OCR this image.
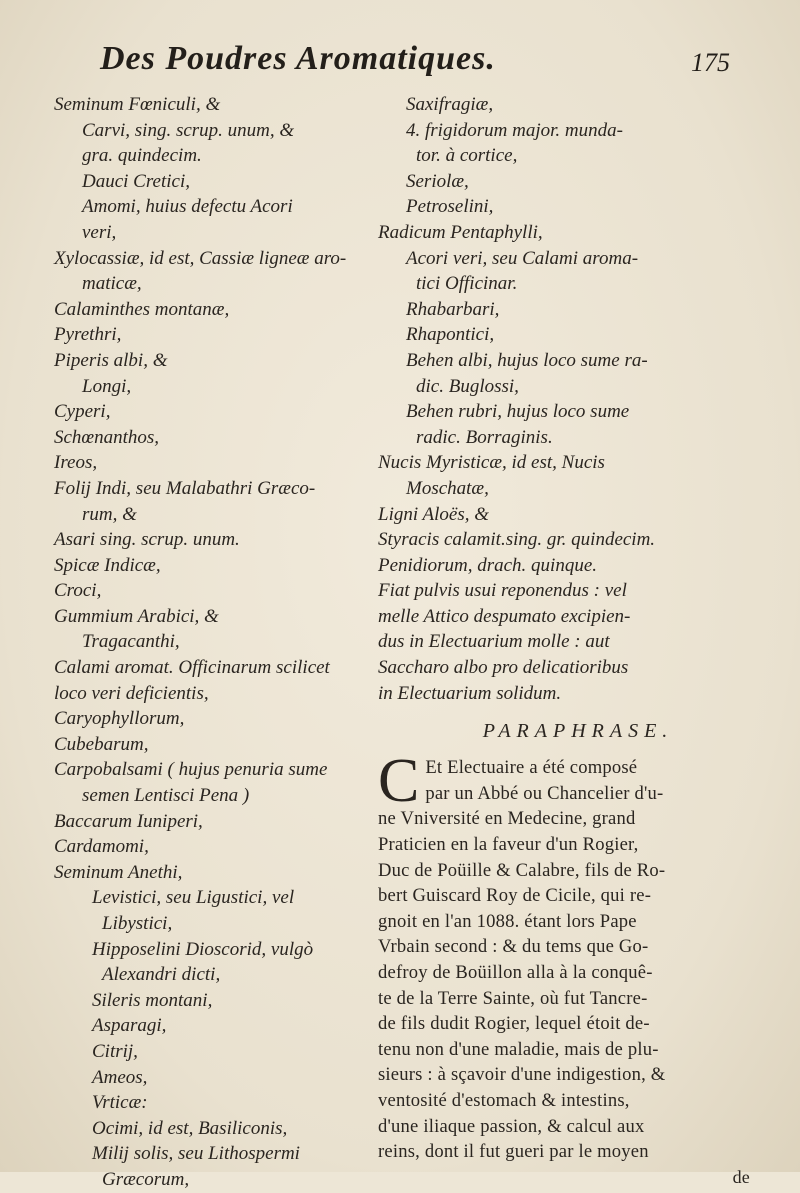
Des Poudres Aromatiques.	175
Seminum Fœniculi, &
Carvi, sing. scrup. unum, &
gra. quindecim.
Dauci Cretici,
Amomi, huius defectu Acori
veri,
Xylocassiæ, id est, Cassiæ ligneæ aro-
maticæ,
Calaminthes montanæ,
Pyrethri,
Piperis albi, &
Longi,
Cyperi,
Schœnanthos,
Ireos,
Folij Indi, seu Malabathri Græco-
rum, &
Asari sing. scrup. unum.
Spicæ Indicæ,
Croci,
Gummium Arabici, &
Tragacanthi,
Calami aromat. Officinarum scilicet
loco veri deficientis,
Caryophyllorum,
Cubebarum,
Carpobalsami ( hujus penuria sume
semen Lentisci Pena )
Baccarum Iuniperi,
Cardamomi,
Seminum Anethi,
Levistici, seu Ligustici, vel
Libystici,
Hipposelini Dioscorid, vulgò
Alexandri dicti,
Sileris montani,
Asparagi,
Citrij,
Ameos,
Vrticæ:
Ocimi, id est, Basiliconis,
Milij solis, seu Lithospermi
Græcorum,
Saxifragiæ,
4. frigidorum major. munda-
tor. à cortice,
Seriolæ,
Petroselini,
Radicum Pentaphylli,
Acori veri, seu Calami aroma-
tici Officinar.
Rhabarbari,
Rhapontici,
Behen albi, hujus loco sume ra-
dic. Buglossi,
Behen rubri, hujus loco sume
radic. Borraginis.
Nucis Myristicæ, id est, Nucis
Moschatæ,
Ligni Aloës, &
Styracis calamit.sing. gr. quindecim.
Penidiorum, drach. quinque.
Fiat pulvis usui reponendus : vel
melle Attico despumato excipien-
dus in Electuarium molle : aut
Saccharo albo pro delicatioribus
in Electuarium solidum.
PARAPHRASE.
C Et Electuaire a été composé
par un Abbé ou Chancelier d'u-
ne Vniversité en Medecine, grand
Praticien en la faveur d'un Rogier,
Duc de Poüille & Calabre, fils de Ro-
bert Guiscard Roy de Cicile, qui re-
gnoit en l'an 1088. étant lors Pape
Vrbain second : & du tems que Go-
defroy de Boüillon alla à la conquê-
te de la Terre Sainte, où fut Tancre-
de fils dudit Rogier, lequel étoit de-
tenu non d'une maladie, mais de plu-
sieurs : à sçavoir d'une indigestion, &
ventosité d'estomach & intestins,
d'une iliaque passion, & calcul aux
reins, dont il fut gueri par le moyen
de
